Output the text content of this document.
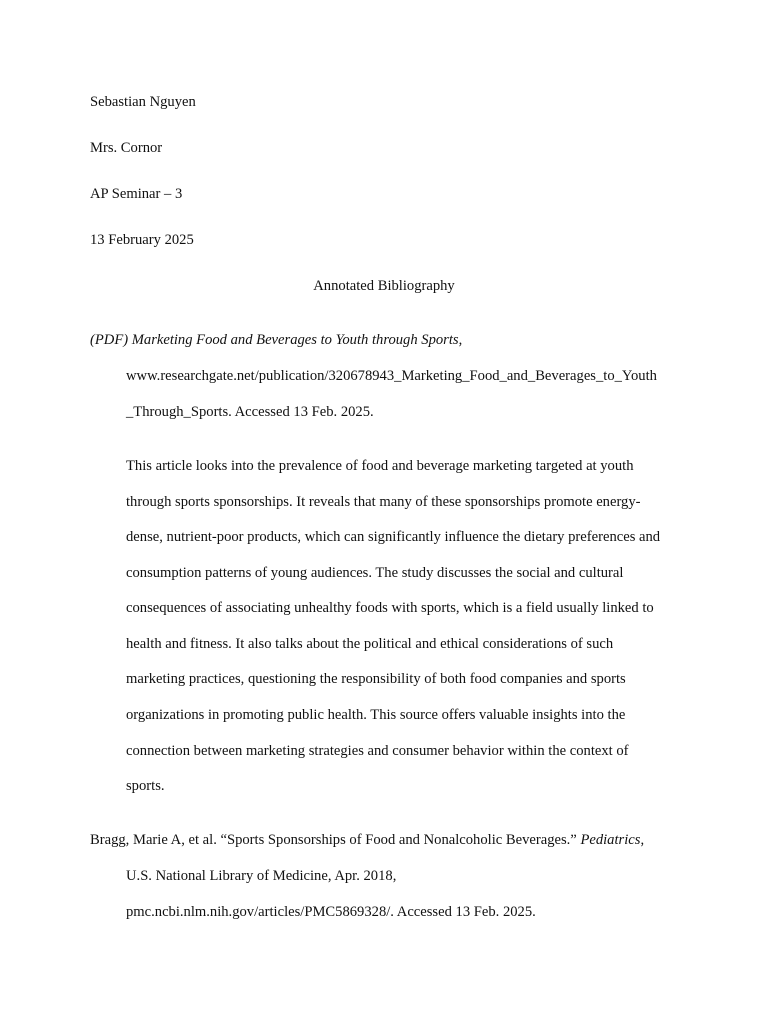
Sebastian Nguyen
Mrs. Cornor
AP Seminar – 3
13 February 2025
Annotated Bibliography
(PDF) Marketing Food and Beverages to Youth through Sports,
www.researchgate.net/publication/320678943_Marketing_Food_and_Beverages_to_Youth
_Through_Sports. Accessed 13 Feb. 2025.
This article looks into the prevalence of food and beverage marketing targeted at youth
through sports sponsorships. It reveals that many of these sponsorships promote energy-
dense, nutrient-poor products, which can significantly influence the dietary preferences and
consumption patterns of young audiences. The study discusses the social and cultural
consequences of associating unhealthy foods with sports, which is a field usually linked to
health and fitness. It also talks about the political and ethical considerations of such
marketing practices, questioning the responsibility of both food companies and sports
organizations in promoting public health. This source offers valuable insights into the
connection between marketing strategies and consumer behavior within the context of
sports.
Bragg, Marie A, et al. “Sports Sponsorships of Food and Nonalcoholic Beverages.” Pediatrics,
U.S. National Library of Medicine, Apr. 2018,
pmc.ncbi.nlm.nih.gov/articles/PMC5869328/. Accessed 13 Feb. 2025.
